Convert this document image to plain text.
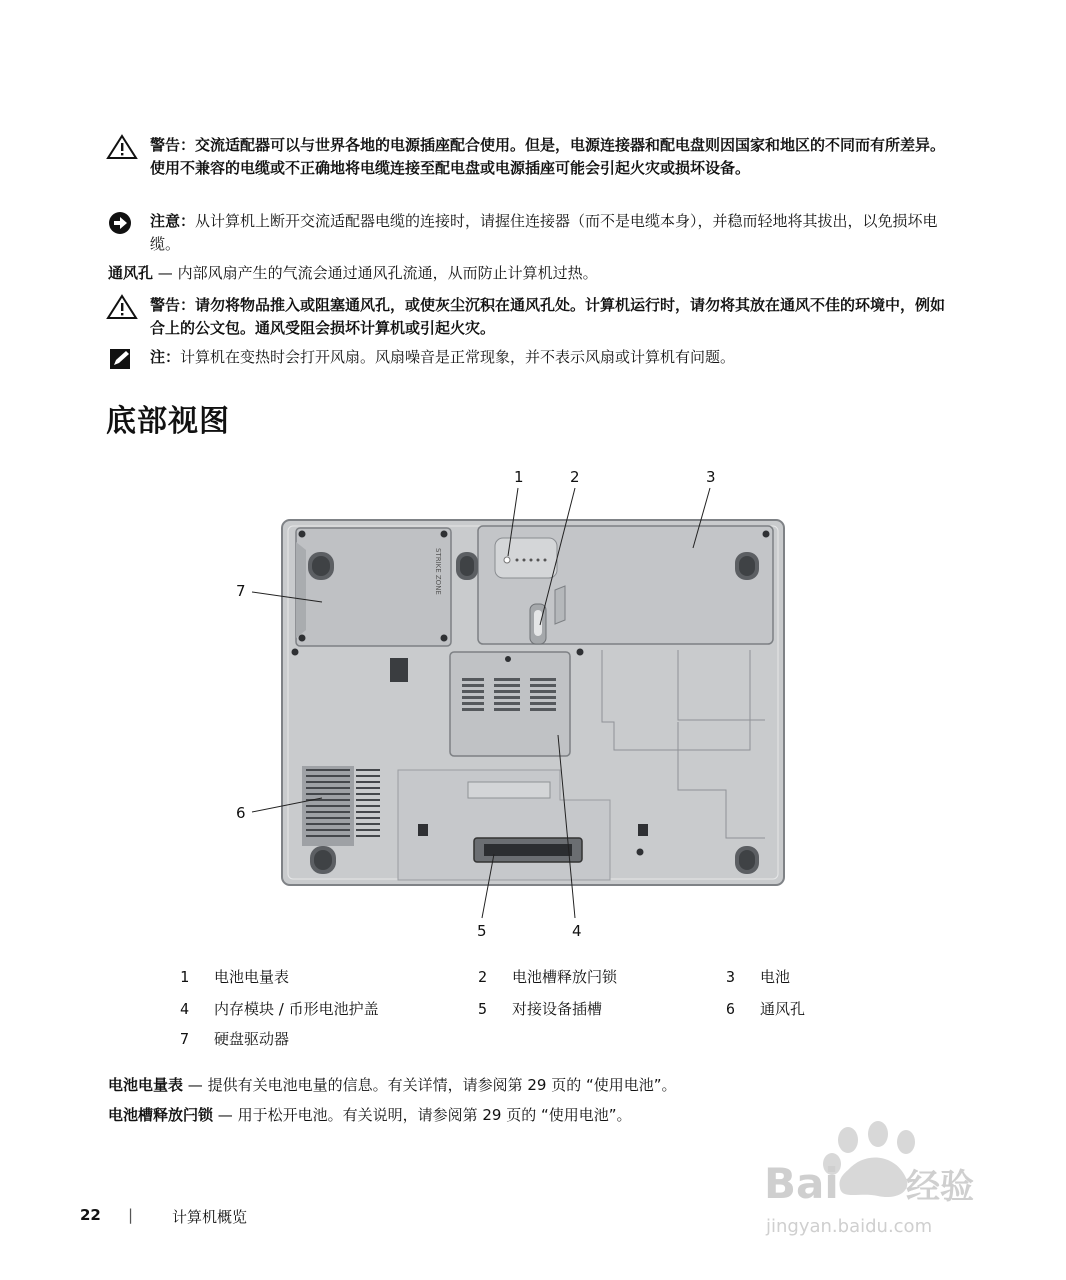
警告：交流适配器可以与世界各地的电源插座配合使用。但是，电源连接器和配电盘则因国家和地区的不同而有所差异。使用不兼容的电缆或不正确地将电缆连接至配电盘或电源插座可能会引起火灾或损坏设备。
注意：从计算机上断开交流适配器电缆的连接时，请握住连接器（而不是电缆本身），并稳而轻地将其拔出，以免损坏电缆。
通风孔 — 内部风扇产生的气流会通过通风孔流通，从而防止计算机过热。
警告：请勿将物品推入或阻塞通风孔，或使灰尘沉积在通风孔处。计算机运行时，请勿将其放在通风不佳的环境中，例如合上的公文包。通风受阻会损坏计算机或引起火灾。
注：计算机在变热时会打开风扇。风扇噪音是正常现象，并不表示风扇或计算机有问题。
底部视图
STRIKE ZONE
1	2	3
4
5
6
7
1 电池电量表	2 电池槽释放闩锁	3 电池
4 内存模块 / 币形电池护盖	5 对接设备插槽	6 通风孔
7 硬盘驱动器
电池电量表 — 提供有关电池电量的信息。有关详情，请参阅第 29 页的 “使用电池”。
电池槽释放闩锁 — 用于松开电池。有关说明，请参阅第 29 页的 “使用电池”。
22 |	计算机概览
Bai 经验
jingyan.baidu.com
